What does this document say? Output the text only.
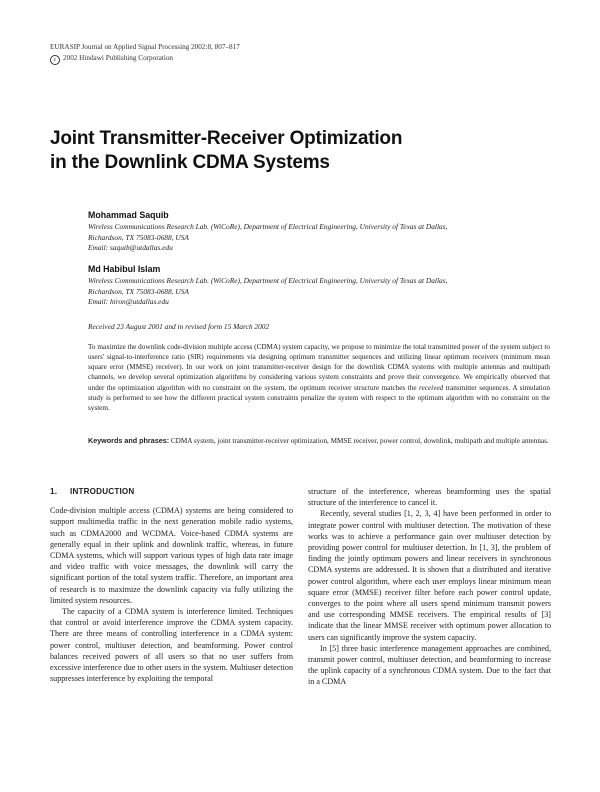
EURASIP Journal on Applied Signal Processing 2002:8, 807–817
c 2002 Hindawi Publishing Corporation
Joint Transmitter-Receiver Optimization
in the Downlink CDMA Systems
Mohammad Saquib
Wireless Communications Research Lab. (WiCoRe), Department of Electrical Engineering, University of Texas at Dallas,
Richardson, TX 75083-0688, USA
Email: saquib@utdallas.edu
Md Habibul Islam
Wireless Communications Research Lab. (WiCoRe), Department of Electrical Engineering, University of Texas at Dallas,
Richardson, TX 75083-0688, USA
Email: hiron@utdallas.edu
Received 23 August 2001 and in revised form 15 March 2002

To maximize the downlink code-division multiple access (CDMA) system capacity, we propose to minimize the total transmitted power of the system subject to users' signal-to-interference ratio (SIR) requirements via designing optimum transmitter sequences and utilizing linear optimum receivers (minimum mean square error (MMSE) receiver). In our work on joint transmitter-receiver design for the downlink CDMA systems with multiple antennas and multipath channels, we develop several optimization algorithms by considering various system constraints and prove their convergence. We empirically observed that under the optimization algorithm with no constraint on the system, the optimum receiver structure matches the received transmitter sequences. A simulation study is performed to see how the different practical system constraints penalize the system with respect to the optimum algorithm with no constraint on the system.

Keywords and phrases: CDMA system, joint transmitter-receiver optimization, MMSE receiver, power control, downlink, multipath and multiple antennas.

1. INTRODUCTION

Code-division multiple access (CDMA) systems are being considered to support multimedia traffic in the next generation mobile radio systems, such as CDMA2000 and WCDMA. Voice-based CDMA systems are generally equal in their uplink and downlink traffic, whereas, in future CDMA systems, which will support various types of high data rate image and video traffic with voice messages, the downlink will carry the significant portion of the total system traffic. Therefore, an important area of research is to maximize the downlink capacity via fully utilizing the limited system resources.

The capacity of a CDMA system is interference limited. Techniques that control or avoid interference improve the CDMA system capacity. There are three means of controlling interference in a CDMA system: power control, multiuser detection, and beamforming. Power control balances received powers of all users so that no user suffers from excessive interference due to other users in the system. Multiuser detection suppresses interference by exploiting the temporal

structure of the interference, whereas beamforming uses the spatial structure of the interference to cancel it.

Recently, several studies [1, 2, 3, 4] have been performed in order to integrate power control with multiuser detection. The motivation of these works was to achieve a performance gain over multiuser detection by providing power control for multiuser detection. In [1, 3], the problem of finding the jointly optimum powers and linear receivers in synchronous CDMA systems are addressed. It is shown that a distributed and iterative power control algorithm, where each user employs linear minimum mean square error (MMSE) receiver filter before each power control update, converges to the point where all users spend minimum transmit powers and use corresponding MMSE receivers. The empirical results of [3] indicate that the linear MMSE receiver with optimum power allocation to users can significantly improve the system capacity.

In [5] three basic interference management approaches are combined, transmit power control, multiuser detection, and beamforming to increase the uplink capacity of a synchronous CDMA system. Due to the fact that in a CDMA
